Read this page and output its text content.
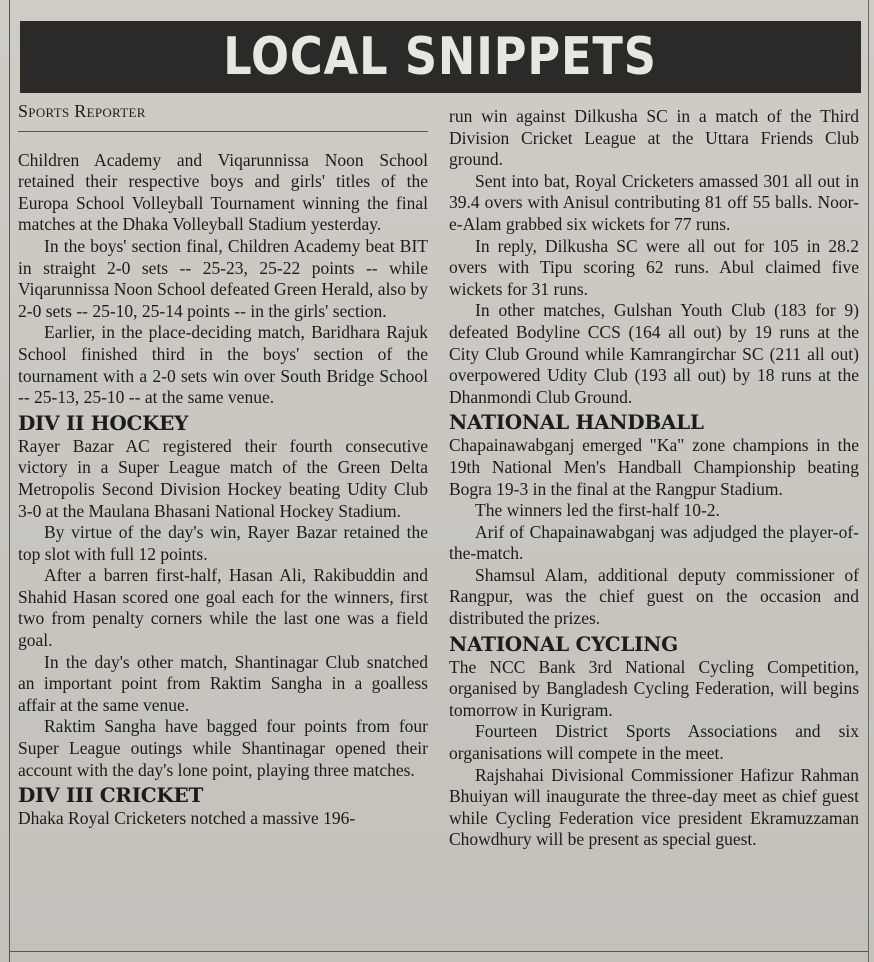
LOCAL SNIPPETS
Sports Reporter

Children Academy and Viqarunnissa Noon School retained their respective boys and girls' titles of the Europa School Volleyball Tournament winning the final matches at the Dhaka Volleyball Stadium yesterday.

In the boys' section final, Children Academy beat BIT in straight 2-0 sets -- 25-23, 25-22 points -- while Viqarunnissa Noon School defeated Green Herald, also by 2-0 sets -- 25-10, 25-14 points -- in the girls' section.

Earlier, in the place-deciding match, Baridhara Rajuk School finished third in the boys' section of the tournament with a 2-0 sets win over South Bridge School -- 25-13, 25-10 -- at the same venue.

DIV II HOCKEY

Rayer Bazar AC registered their fourth consecutive victory in a Super League match of the Green Delta Metropolis Second Division Hockey beating Udity Club 3-0 at the Maulana Bhasani National Hockey Stadium.

By virtue of the day's win, Rayer Bazar retained the top slot with full 12 points.

After a barren first-half, Hasan Ali, Rakibuddin and Shahid Hasan scored one goal each for the winners, first two from penalty corners while the last one was a field goal.

In the day's other match, Shantinagar Club snatched an important point from Raktim Sangha in a goalless affair at the same venue.

Raktim Sangha have bagged four points from four Super League outings while Shantinagar opened their account with the day's lone point, playing three matches.

DIV III CRICKET

Dhaka Royal Cricketers notched a massive 196-

run win against Dilkusha SC in a match of the Third Division Cricket League at the Uttara Friends Club ground.

Sent into bat, Royal Cricketers amassed 301 all out in 39.4 overs with Anisul contributing 81 off 55 balls. Noor-e-Alam grabbed six wickets for 77 runs.

In reply, Dilkusha SC were all out for 105 in 28.2 overs with Tipu scoring 62 runs. Abul claimed five wickets for 31 runs.

In other matches, Gulshan Youth Club (183 for 9) defeated Bodyline CCS (164 all out) by 19 runs at the City Club Ground while Kamrangirchar SC (211 all out) overpowered Udity Club (193 all out) by 18 runs at the Dhanmondi Club Ground.

NATIONAL HANDBALL

Chapainawabganj emerged "Ka" zone champions in the 19th National Men's Handball Championship beating Bogra 19-3 in the final at the Rangpur Stadium.

The winners led the first-half 10-2.

Arif of Chapainawabganj was adjudged the player-of-the-match.

Shamsul Alam, additional deputy commissioner of Rangpur, was the chief guest on the occasion and distributed the prizes.

NATIONAL CYCLING

The NCC Bank 3rd National Cycling Competition, organised by Bangladesh Cycling Federation, will begins tomorrow in Kurigram.

Fourteen District Sports Associations and six organisations will compete in the meet.

Rajshahai Divisional Commissioner Hafizur Rahman Bhuiyan will inaugurate the three-day meet as chief guest while Cycling Federation vice president Ekramuzzaman Chowdhury will be present as special guest.
